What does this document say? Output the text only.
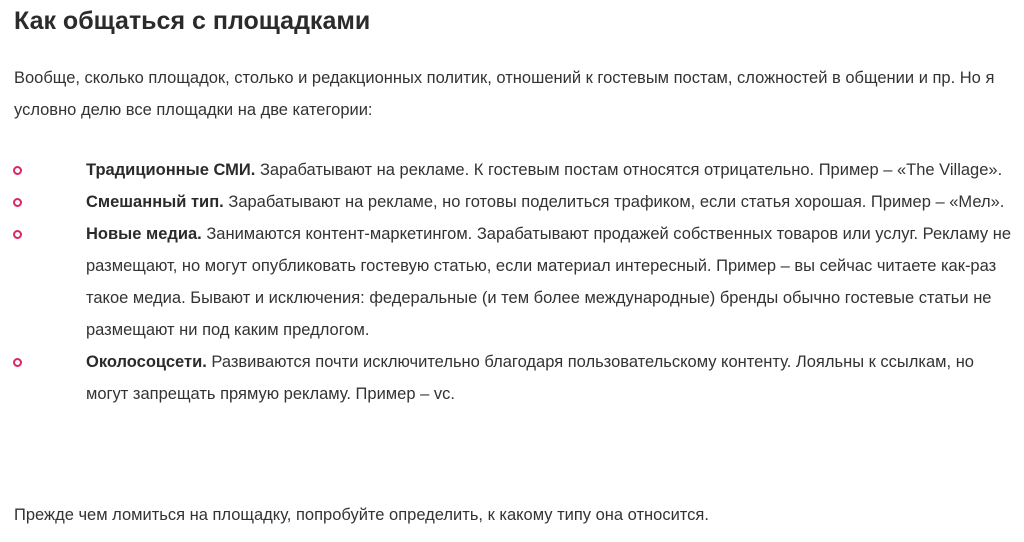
Как общаться с площадками

Вообще, сколько площадок, столько и редакционных политик, отношений к гостевым постам, сложностей в общении и пр. Но я условно делю все площадки на две категории:

Традиционные СМИ. Зарабатывают на рекламе. К гостевым постам относятся отрицательно. Пример – «The Village».
Смешанный тип. Зарабатывают на рекламе, но готовы поделиться трафиком, если статья хорошая. Пример – «Мел».
Новые медиа. Занимаются контент-маркетингом. Зарабатывают продажей собственных товаров или услуг. Рекламу не размещают, но могут опубликовать гостевую статью, если материал интересный. Пример – вы сейчас читаете как-раз такое медиа. Бывают и исключения: федеральные (и тем более международные) бренды обычно гостевые статьи не размещают ни под каким предлогом.
Околосоцсети. Развиваются почти исключительно благодаря пользовательскому контенту. Лояльны к ссылкам, но могут запрещать прямую рекламу. Пример – vc.

Прежде чем ломиться на площадку, попробуйте определить, к какому типу она относится.
